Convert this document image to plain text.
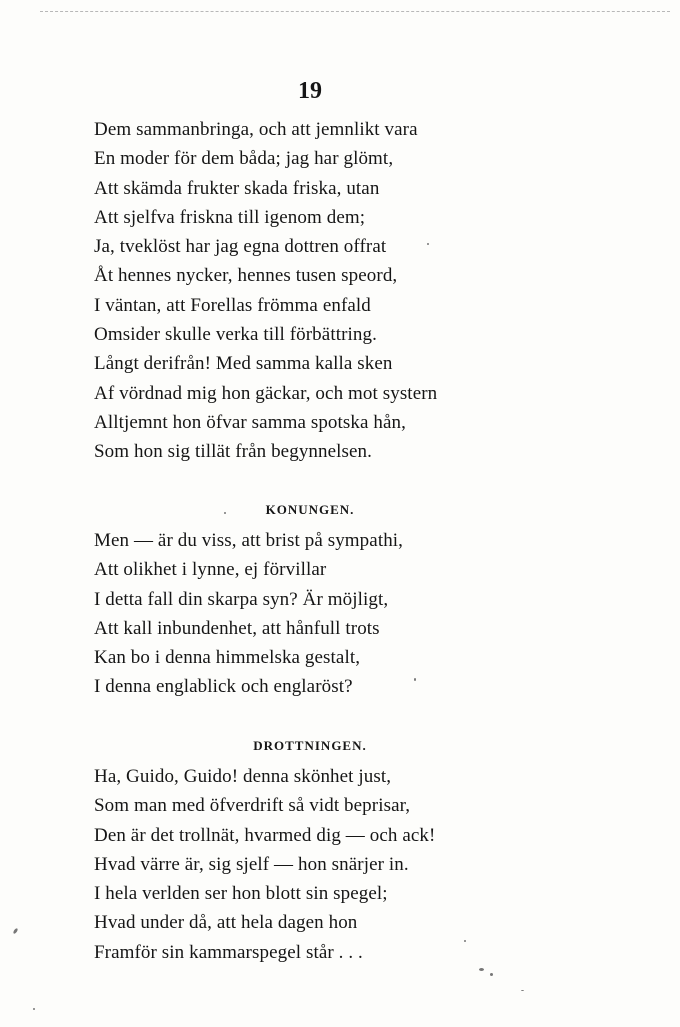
19
Dem sammanbringa, och att jemnlikt vara
En moder för dem båda; jag har glömt,
Att skämda frukter skada friska, utan
Att sjelfva friskna till igenom dem;
Ja, tveklöst har jag egna dottren offrat
Åt hennes nycker, hennes tusen speord,
I väntan, att Forellas frömma enfald
Omsider skulle verka till förbättring.
Långt derifrån! Med samma kalla sken
Af vördnad mig hon gäckar, och mot systern
Alltjemnt hon öfvar samma spotska hån,
Som hon sig tillät från begynnelsen.
KONUNGEN.
Men — är du viss, att brist på sympathi,
Att olikhet i lynne, ej förvillar
I detta fall din skarpa syn? Är möjligt,
Att kall inbundenhet, att hånfull trots
Kan bo i denna himmelska gestalt,
I denna englablick och englaröst?
DROTTNINGEN.
Ha, Guido, Guido! denna skönhet just,
Som man med öfverdrift så vidt beprisar,
Den är det trollnät, hvarmed dig — och ack!
Hvad värre är, sig sjelf — hon snärjer in.
I hela verlden ser hon blott sin spegel;
Hvad under då, att hela dagen hon
Framför sin kammarspegel står . . .
